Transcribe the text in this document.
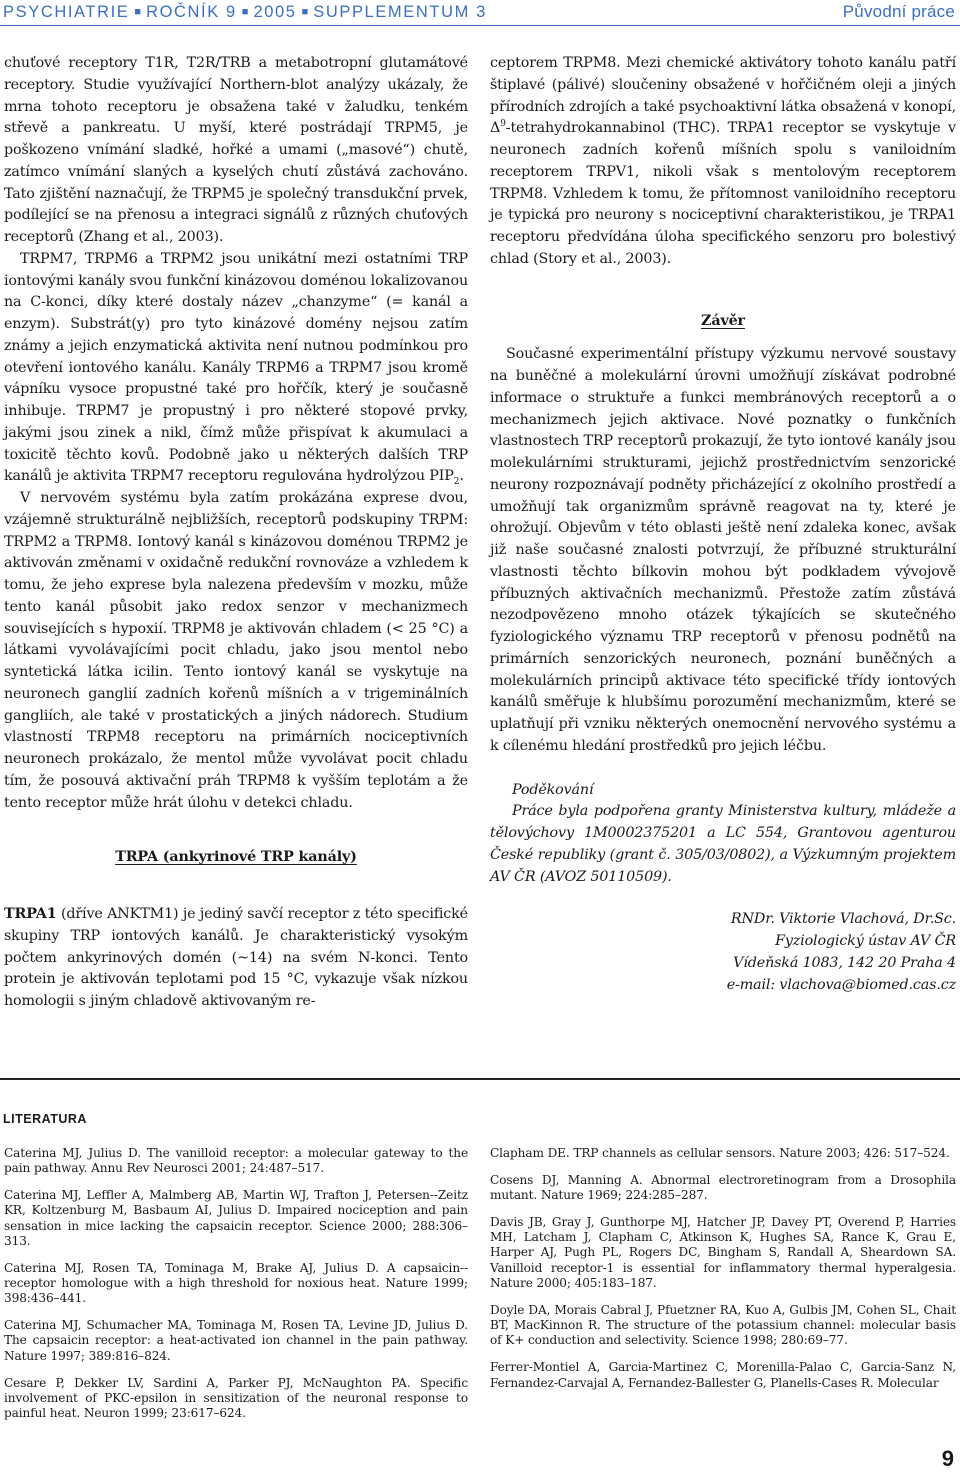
PSYCHIATRIE ■ ROČNÍK 9 ■ 2005 ■ SUPPLEMENTUM 3	Původní práce

chuťové receptory T1R, T2R/TRB a metabotropní glutamátové receptory. Studie využívající Northern-blot analýzy ukázaly, že mrna tohoto receptoru je obsažena také v žaludku, tenkém střevě a pankreatu. U myší, které postrádají TRPM5, je poškozeno vnímání sladké, hořké a umami („masové“) chutě, zatímco vnímání slaných a kyselých chutí zůstává zachováno. Tato zjištění naznačují, že TRPM5 je společný transdukční prvek, podílející se na přenosu a integraci signálů z různých chuťových receptorů (Zhang et al., 2003).

TRPM7, TRPM6 a TRPM2 jsou unikátní mezi ostatními TRP iontovými kanály svou funkční kinázovou doménou lokalizovanou na C-konci, díky které dostaly název „chanzyme“ (= kanál a enzym). Substrát(y) pro tyto kinázové domény nejsou zatím známy a jejich enzymatická aktivita není nutnou podmínkou pro otevření iontového kanálu. Kanály TRPM6 a TRPM7 jsou kromě vápníku vysoce propustné také pro hořčík, který je současně inhibuje. TRPM7 je propustný i pro některé stopové prvky, jakými jsou zinek a nikl, čímž může přispívat k akumulaci a toxicitě těchto kovů. Podobně jako u některých dalších TRP kanálů je aktivita TRPM7 receptoru regulována hydrolýzou $PIP_2$.

V nervovém systému byla zatím prokázána exprese dvou, vzájemně strukturálně nejbližších, receptorů podskupiny TRPM: TRPM2 a TRPM8. Iontový kanál s kinázovou doménou TRPM2 je aktivován změnami v oxidačně redukční rovnováze a vzhledem k tomu, že jeho exprese byla nalezena především v mozku, může tento kanál působit jako redox senzor v mechanizmech souvisejících s hypoxií. TRPM8 je aktivován chladem (< 25 °C) a látkami vyvolávajícími pocit chladu, jako jsou mentol nebo syntetická látka icilin. Tento iontový kanál se vyskytuje na neuronech ganglií zadních kořenů míšních a v trigeminálních gangliích, ale také v prostatických a jiných nádorech. Studium vlastností TRPM8 receptoru na primárních nociceptivních neuronech prokázalo, že mentol může vyvolávat pocit chladu tím, že posouvá aktivační práh TRPM8 k vyšším teplotám a že tento receptor může hrát úlohu v detekci chladu.

TRPA (ankyrinové TRP kanály)

TRPA1 (dříve ANKTM1) je jediný savčí receptor z této specifické skupiny TRP iontových kanálů. Je charakteristický vysokým počtem ankyrinových domén (~14) na svém N-konci. Tento protein je aktivován teplotami pod 15 °C, vykazuje však nízkou homologii s jiným chladově aktivovaným re-

ceptorem TRPM8. Mezi chemické aktivátory tohoto kanálu patří štiplavé (pálivé) sloučeniny obsažené v hořčičném oleji a jiných přírodních zdrojích a také psychoaktivní látka obsažená v konopí, $\Delta^9$-tetrahydrokannabinol (THC). TRPA1 receptor se vyskytuje v neuronech zadních kořenů míšních spolu s vaniloidním receptorem TRPV1, nikoli však s mentolovým receptorem TRPM8. Vzhledem k tomu, že přítomnost vaniloidního receptoru je typická pro neurony s nociceptivní charakteristikou, je TRPA1 receptoru předvídána úloha specifického senzoru pro bolestivý chlad (Story et al., 2003).

Závěr

Současné experimentální přístupy výzkumu nervové soustavy na buněčné a molekulární úrovni umožňují získávat podrobné informace o struktuře a funkci membránových receptorů a o mechanizmech jejich aktivace. Nové poznatky o funkčních vlastnostech TRP receptorů prokazují, že tyto iontové kanály jsou molekulárními strukturami, jejichž prostřednictvím senzorické neurony rozpoznávají podněty přicházející z okolního prostředí a umožňují tak organizmům správně reagovat na ty, které je ohrožují. Objevům v této oblasti ještě není zdaleka konec, avšak již naše současné znalosti potvrzují, že příbuzné strukturální vlastnosti těchto bílkovin mohou být podkladem vývojově příbuzných aktivačních mechanizmů. Přestože zatím zůstává nezodpovězeno mnoho otázek týkajících se skutečného fyziologického významu TRP receptorů v přenosu podnětů na primárních senzorických neuronech, poznání buněčných a molekulárních principů aktivace této specifické třídy iontových kanálů směřuje k hlubšímu porozumění mechanizmům, které se uplatňují při vzniku některých onemocnění nervového systému a k cílenému hledání prostředků pro jejich léčbu.

Poděkování

Práce byla podpořena granty Ministerstva kultury, mládeže a tělovýchovy 1M0002375201 a LC 554, Grantovou agenturou České republiky (grant č. 305/03/0802), a Výzkumným projektem AV ČR (AVOZ 50110509).

RNDr. Viktorie Vlachová, Dr.Sc.
Fyziologický ústav AV ČR
Vídeňská 1083, 142 20 Praha 4
e-mail: vlachova@biomed.cas.cz
LITERATURA

Caterina MJ, Julius D. The vanilloid receptor: a molecular gateway to the pain pathway. Annu Rev Neurosci 2001; 24:487–517.

Caterina MJ, Leffler A, Malmberg AB, Martin WJ, Trafton J, Petersen--Zeitz KR, Koltzenburg M, Basbaum AI, Julius D. Impaired nociception and pain sensation in mice lacking the capsaicin receptor. Science 2000; 288:306–313.

Caterina MJ, Rosen TA, Tominaga M, Brake AJ, Julius D. A capsaicin--receptor homologue with a high threshold for noxious heat. Nature 1999; 398:436–441.

Caterina MJ, Schumacher MA, Tominaga M, Rosen TA, Levine JD, Julius D. The capsaicin receptor: a heat-activated ion channel in the pain pathway. Nature 1997; 389:816–824.

Cesare P, Dekker LV, Sardini A, Parker PJ, McNaughton PA. Specific involvement of PKC-epsilon in sensitization of the neuronal response to painful heat. Neuron 1999; 23:617–624.

Clapham DE. TRP channels as cellular sensors. Nature 2003; 426: 517–524.

Cosens DJ, Manning A. Abnormal electroretinogram from a Drosophila mutant. Nature 1969; 224:285–287.

Davis JB, Gray J, Gunthorpe MJ, Hatcher JP, Davey PT, Overend P, Harries MH, Latcham J, Clapham C, Atkinson K, Hughes SA, Rance K, Grau E, Harper AJ, Pugh PL, Rogers DC, Bingham S, Randall A, Sheardown SA. Vanilloid receptor-1 is essential for inflammatory thermal hyperalgesia. Nature 2000; 405:183–187.

Doyle DA, Morais Cabral J, Pfuetzner RA, Kuo A, Gulbis JM, Cohen SL, Chait BT, MacKinnon R. The structure of the potassium channel: molecular basis of K+ conduction and selectivity. Science 1998; 280:69–77.

Ferrer-Montiel A, Garcia-Martinez C, Morenilla-Palao C, Garcia-Sanz N, Fernandez-Carvajal A, Fernandez-Ballester G, Planells-Cases R. Molecular

9
